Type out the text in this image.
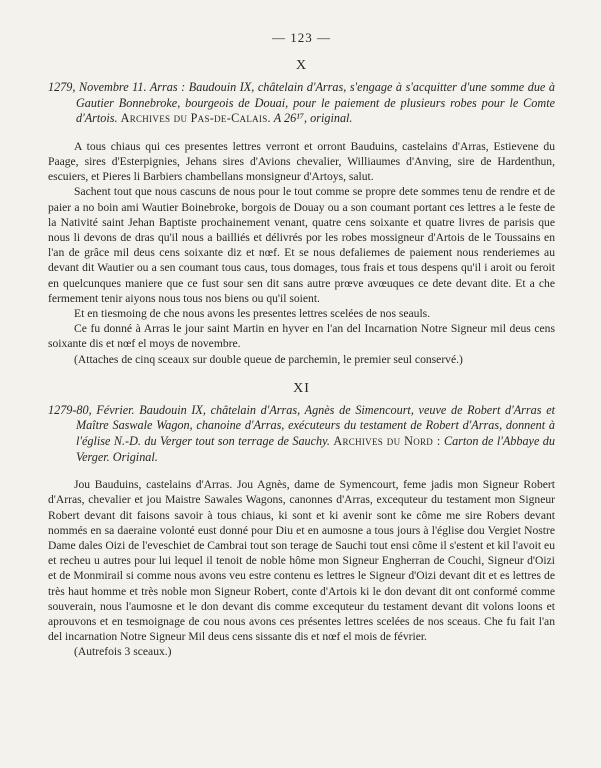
— 123 —
X

1279, Novembre 11. Arras : Baudouin IX, châtelain d'Arras, s'engage à s'acquitter d'une somme due à Gautier Bonnebroke, bourgeois de Douai, pour le paiement de plusieurs robes pour le Comte d'Artois. Archives du Pas-de-Calais. A 26¹⁷, original.

A tous chiaus qui ces presentes lettres verront et orront Bauduins, castelains d'Arras, Estievene du Paage, sires d'Esterpignies, Jehans sires d'Avions chevalier, Williaumes d'Anving, sire de Hardenthun, escuiers, et Pieres li Barbiers chambellans monsigneur d'Artoys, salut.

Sachent tout que nous cascuns de nous pour le tout comme se propre dete sommes tenu de rendre et de paier a no boin ami Wautier Boinebroke, borgois de Douay ou a son coumant portant ces lettres a le feste de la Nativité saint Jehan Baptiste prochainement venant, quatre cens soixante et quatre livres de parisis que nous li devons de dras qu'il nous a bailliés et délivrés por les robes mossigneur d'Artois de le Toussains en l'an de grâce mil deus cens soixante diz et nœf. Et se nous defaliemes de paiement nous renderiemes au devant dit Wautier ou a sen coumant tous caus, tous domages, tous frais et tous despens qu'il i aroit ou feroit en quelcunques maniere que ce fust sour sen dit sans autre prœve avœuques ce dete devant dite. Et a che fermement tenir aiyons nous tous nos biens ou qu'il soient.

Et en tiesmoing de che nous avons les presentes lettres scelées de nos seauls.

Ce fu donné à Arras le jour saint Martin en hyver en l'an del Incarnation Notre Signeur mil deus cens soixante dis et nœf el moys de novembre.

(Attaches de cinq sceaux sur double queue de parchemin, le premier seul conservé.)

XI

1279-80, Février. Baudouin IX, châtelain d'Arras, Agnès de Simencourt, veuve de Robert d'Arras et Maître Saswale Wagon, chanoine d'Arras, exécuteurs du testament de Robert d'Arras, donnent à l'église N.-D. du Verger tout son terrage de Sauchy. Archives du Nord : Carton de l'Abbaye du Verger. Original.

Jou Bauduins, castelains d'Arras. Jou Agnès, dame de Symencourt, feme jadis mon Signeur Robert d'Arras, chevalier et jou Maistre Sawales Wagons, canonnes d'Arras, excequteur du testament mon Signeur Robert devant dit faisons savoir à tous chiaus, ki sont et ki avenir sont ke côme me sire Robers devant nommés en sa daeraine volonté eust donné pour Diu et en aumosne a tous jours à l'église dou Vergiet Nostre Dame dales Oizi de l'eveschiet de Cambrai tout son terage de Sauchi tout ensi côme il s'estent et kil l'avoit eu et recheu u autres pour lui lequel il tenoit de noble hôme mon Signeur Engherran de Couchi, Signeur d'Oizi et de Monmirail si comme nous avons veu estre contenu es lettres le Signeur d'Oizi devant dit et es lettres de très haut homme et très noble mon Signeur Robert, conte d'Artois ki le don devant dit ont conformé comme souverain, nous l'aumosne et le don devant dis comme excequteur du testament devant dit volons loons et aprouvons et en tesmoignage de cou nous avons ces présentes lettres scelées de nos sceaus. Che fu fait l'an del incarnation Notre Signeur Mil deus cens sissante dis et nœf el mois de février.

(Autrefois 3 sceaux.)
